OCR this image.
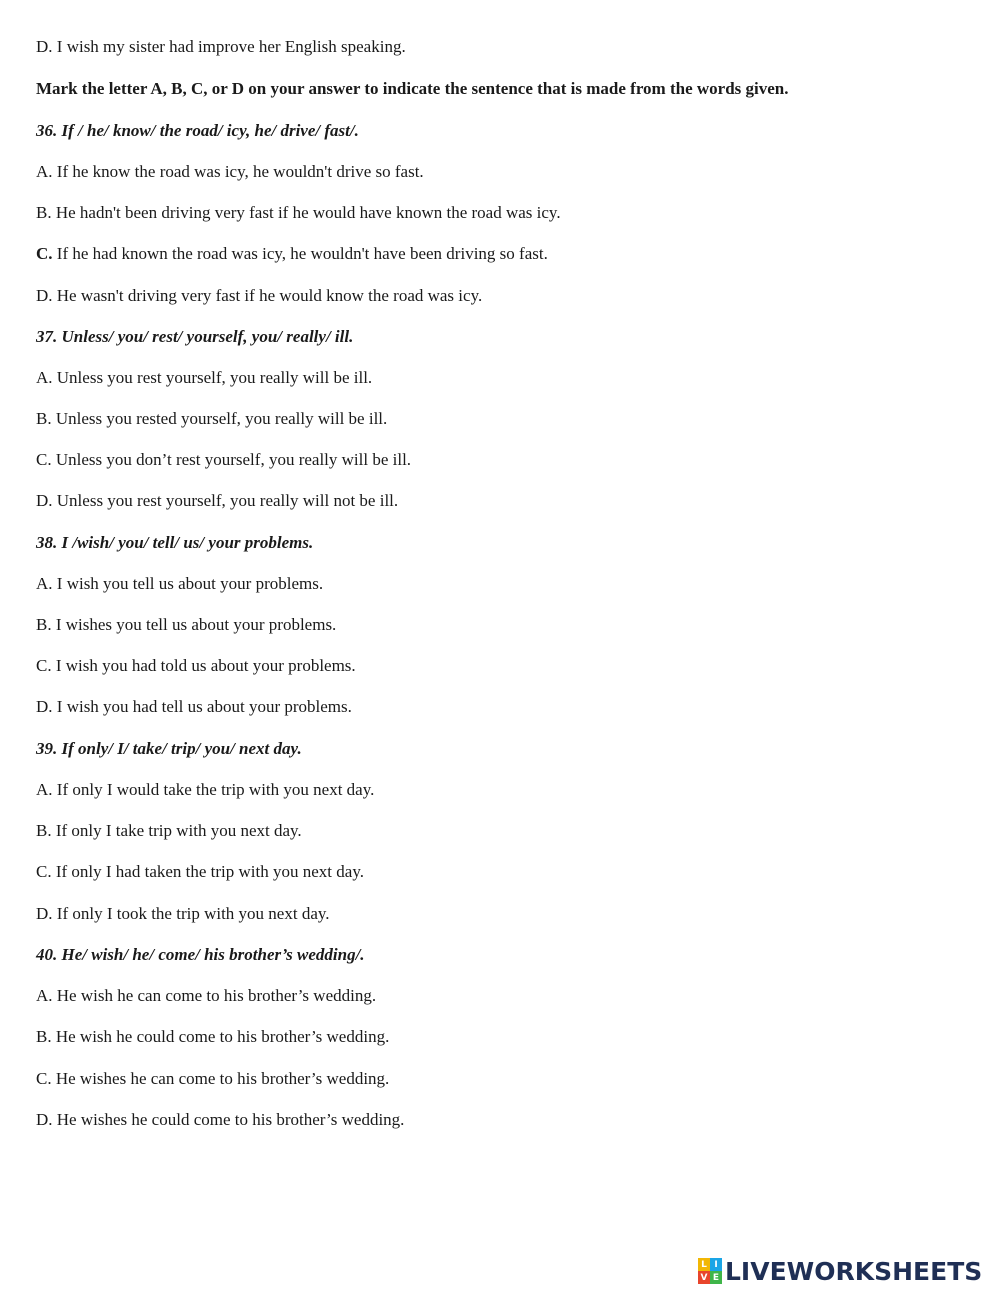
D. I wish my sister had improve her English speaking.
Mark the letter A, B, C, or D on your answer to indicate the sentence that is made from the words given.
36. If / he/ know/ the road/ icy, he/ drive/ fast/.
A. If he know the road was icy, he wouldn't drive so fast.
B. He hadn't been driving very fast if he would have known the road was icy.
C. If he had known the road was icy, he wouldn't have been driving so fast.
D. He wasn't driving very fast if he would know the road was icy.
37. Unless/ you/ rest/ yourself, you/ really/ ill.
A. Unless you rest yourself, you really will be ill.
B. Unless you rested yourself, you really will be ill.
C. Unless you don’t rest yourself, you really will be ill.
D. Unless you rest yourself, you really will not be ill.
38. I /wish/ you/ tell/ us/ your problems.
A. I wish you tell us about your problems.
B. I wishes you tell us about your problems.
C. I wish you had told us about your problems.
D. I wish you had tell us about your problems.
39. If only/ I/ take/ trip/ you/ next day.
A. If only I would take the trip with you next day.
B. If only I take trip with you next day.
C. If only I had taken the trip with you next day.
D. If only I took the trip with you next day.
40. He/ wish/ he/ come/ his brother’s wedding/.
A. He wish he can come to his brother’s wedding.
B. He wish he could come to his brother’s wedding.
C. He wishes he can come to his brother’s wedding.
D. He wishes he could come to his brother’s wedding.
L I
V E LIVEWORKSHEETS
